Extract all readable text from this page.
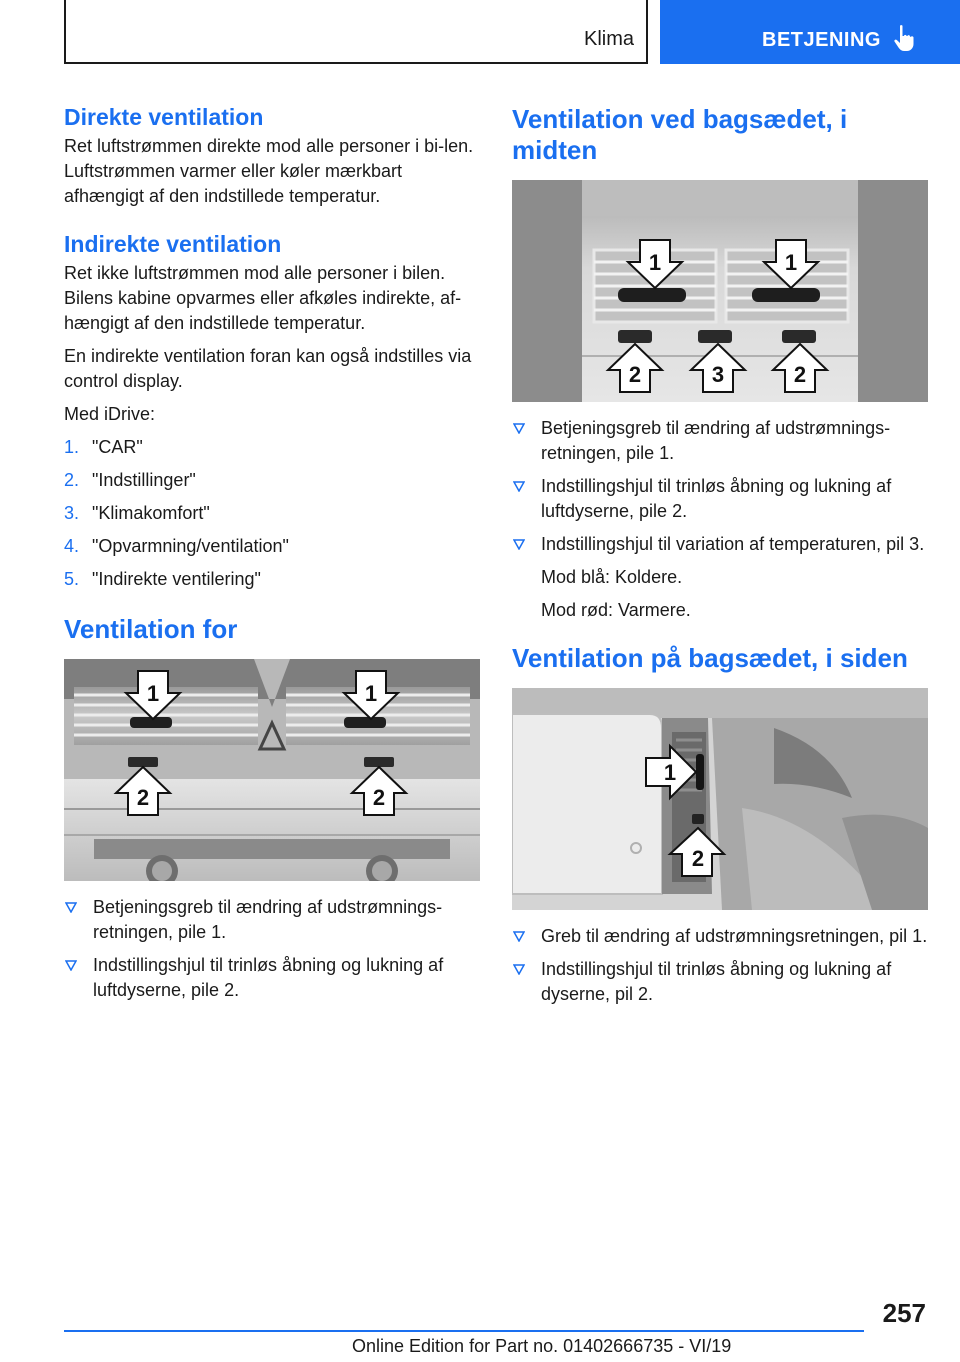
Klima	BETJENING
Direkte ventilation

Ret luftstrømmen direkte mod alle personer i bi-len. Luftstrømmen varmer eller køler mærkbart afhængigt af den indstillede temperatur.

Indirekte ventilation

Ret ikke luftstrømmen mod alle personer i bilen. Bilens kabine opvarmes eller afkøles indirekte, af-hængigt af den indstillede temperatur.

En indirekte ventilation foran kan også indstilles via control display.

Med iDrive:

1. "CAR"
2. "Indstillinger"
3. "Klimakomfort"
4. "Opvarmning/ventilation"
5. "Indirekte ventilering"
Ventilation for
1	1
2	2
Betjeningsgreb til ændring af udstrømnings-retningen, pile 1.
Indstillingshjul til trinløs åbning og lukning af luftdyserne, pile 2.
Ventilation ved bagsædet, i midten
1	1
2	3	2
Betjeningsgreb til ændring af udstrømnings-retningen, pile 1.
Indstillingshjul til trinløs åbning og lukning af luftdyserne, pile 2.
Indstillingshjul til variation af temperaturen, pil 3.
Mod blå: Koldere.
Mod rød: Varmere.
Ventilation på bagsædet, i siden
1
2
Greb til ændring af udstrømningsretningen, pil 1.
Indstillingshjul til trinløs åbning og lukning af dyserne, pil 2.
257
Online Edition for Part no. 01402666735 - VI/19
